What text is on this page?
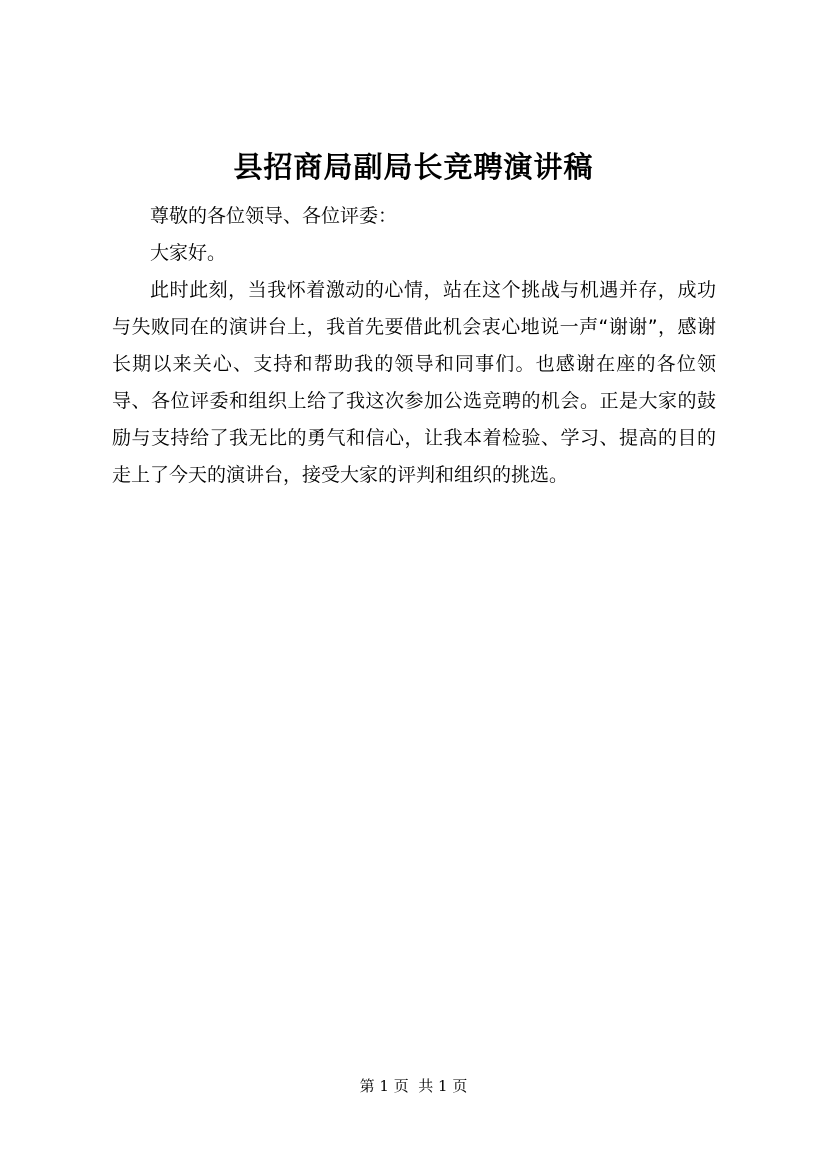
县招商局副局长竞聘演讲稿

尊敬的各位领导、各位评委：

大家好。

此时此刻，当我怀着激动的心情，站在这个挑战与机遇并存，成功与失败同在的演讲台上，我首先要借此机会衷心地说一声“谢谢”，感谢长期以来关心、支持和帮助我的领导和同事们。也感谢在座的各位领导、各位评委和组织上给了我这次参加公选竞聘的机会。正是大家的鼓励与支持给了我无比的勇气和信心，让我本着检验、学习、提高的目的走上了今天的演讲台，接受大家的评判和组织的挑选。

第 1 页  共 1 页
